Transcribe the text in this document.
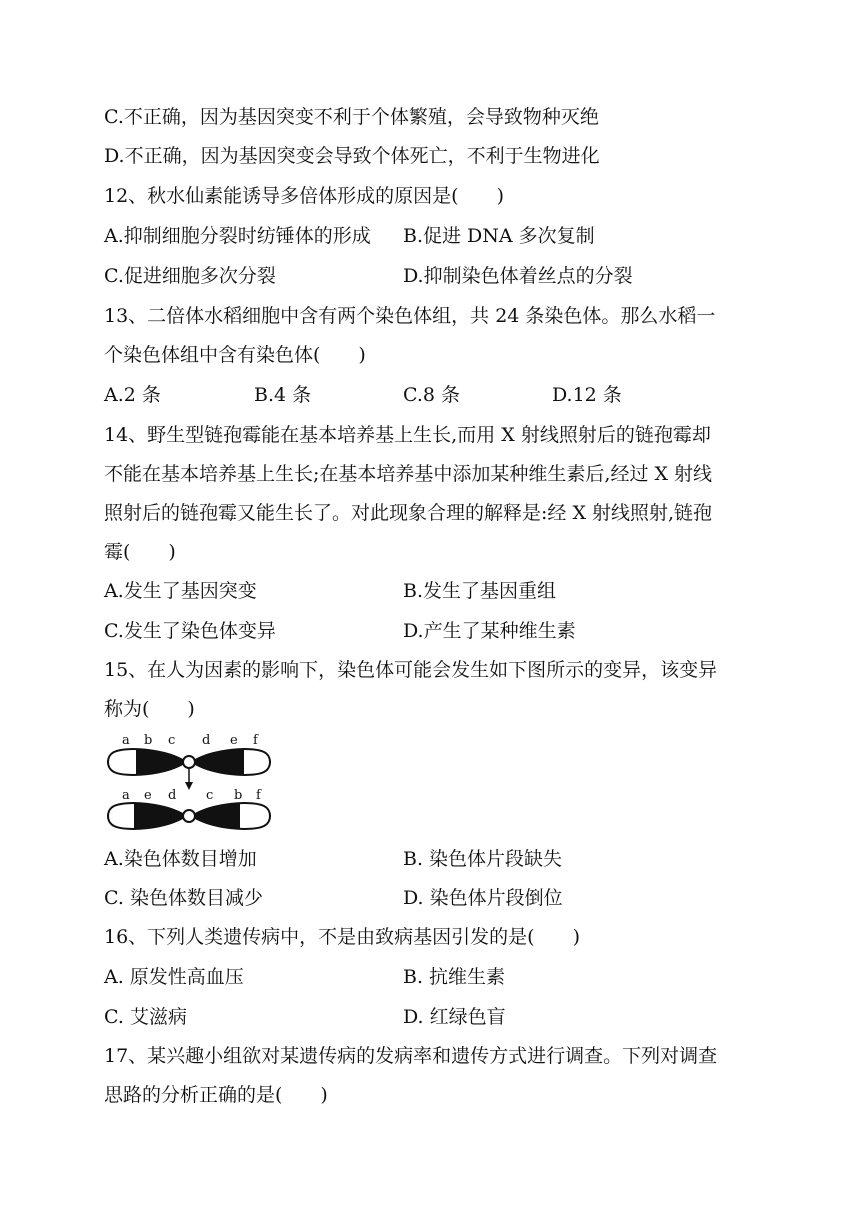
C.不正确，因为基因突变不利于个体繁殖，会导致物种灭绝
D.不正确，因为基因突变会导致个体死亡，不利于生物进化
12、秋水仙素能诱导多倍体形成的原因是(　　)
A.抑制细胞分裂时纺锤体的形成 B.促进 DNA 多次复制
C.促进细胞多次分裂	D.抑制染色体着丝点的分裂
13、二倍体水稻细胞中含有两个染色体组，共 24 条染色体。那么水稻一
个染色体组中含有染色体(　　)
A.2 条	B.4 条	C.8 条	D.12 条
14、野生型链孢霉能在基本培养基上生长,而用 X 射线照射后的链孢霉却
不能在基本培养基上生长;在基本培养基中添加某种维生素后,经过 X 射线
照射后的链孢霉又能生长了。对此现象合理的解释是:经 X 射线照射,链孢
霉(　　)
A.发生了基因突变	B.发生了基因重组
C.发生了染色体变异	D.产生了某种维生素
15、在人为因素的影响下，染色体可能会发生如下图所示的变异，该变异
称为(　　)
a b c d e f
a e d c b f
A.染色体数目增加	B. 染色体片段缺失
C. 染色体数目减少	D. 染色体片段倒位
16、下列人类遗传病中，不是由致病基因引发的是(　　)
A. 原发性高血压	B. 抗维生素
C. 艾滋病	D. 红绿色盲
17、某兴趣小组欲对某遗传病的发病率和遗传方式进行调查。下列对调查
思路的分析正确的是(　　)
